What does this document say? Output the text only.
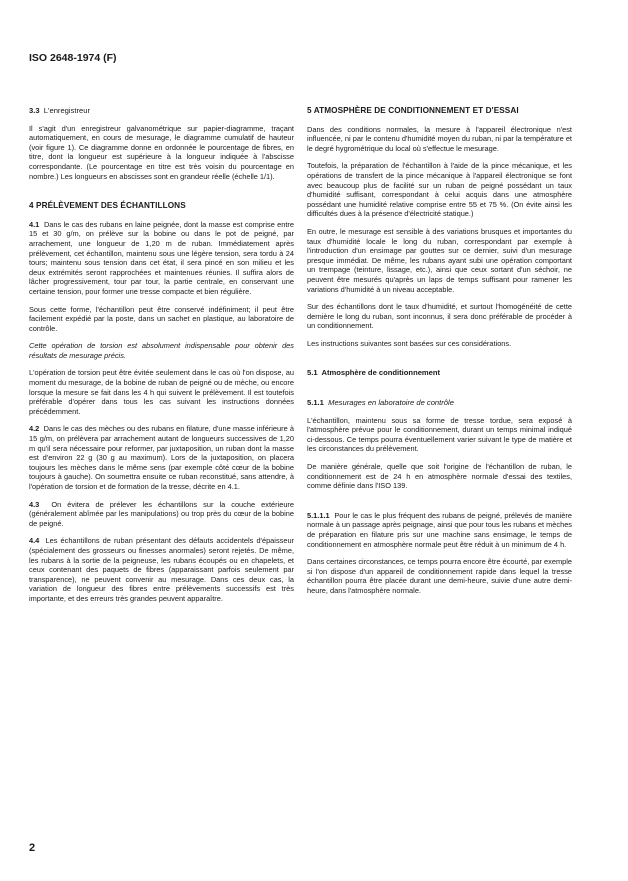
ISO 2648-1974 (F)
3.3 L'enregistreur

Il s'agit d'un enregistreur galvanométrique sur papier-diagramme, traçant automatiquement, en cours de mesurage, le diagramme cumulatif de hauteur (voir figure 1). Ce diagramme donne en ordonnée le pourcentage de fibres, en titre, dont la longueur est supérieure à la longueur indiquée à l'abscisse correspondante. (Le pourcentage en titre est très voisin du pourcentage en nombre.) Les longueurs en abscisses sont en grandeur réelle (échelle 1/1).

4 PRÉLÈVEMENT DES ÉCHANTILLONS

4.1 Dans le cas des rubans en laine peignée, dont la masse est comprise entre 15 et 30 g/m, on prélève sur la bobine ou dans le pot de peigné, par arrachement, une longueur de 1,20 m de ruban. Immédiatement après prélèvement, cet échantillon, maintenu sous une légère tension, sera tordu à 24 tours; maintenu sous tension dans cet état, il sera pincé en son milieu et les deux extrémités seront rapprochées et maintenues réunies. Il suffira alors de lâcher progressivement, tour par tour, la partie centrale, en conservant une certaine tension, pour former une tresse compacte et bien régulière.

Sous cette forme, l'échantillon peut être conservé indéfiniment; il peut être facilement expédié par la poste, dans un sachet en plastique, au laboratoire de contrôle.

Cette opération de torsion est absolument indispensable pour obtenir des résultats de mesurage précis.

L'opération de torsion peut être évitée seulement dans le cas où l'on dispose, au moment du mesurage, de la bobine de ruban de peigné ou de mèche, ou encore lorsque la mesure se fait dans les 4 h qui suivent le prélèvement. Il est toutefois préférable d'opérer dans tous les cas suivant les instructions données précédemment.

4.2 Dans le cas des mèches ou des rubans en filature, d'une masse inférieure à 15 g/m, on prélèvera par arrachement autant de longueurs successives de 1,20 m qu'il sera nécessaire pour reformer, par juxtaposition, un ruban dont la masse est d'environ 22 g (30 g au maximum). Lors de la juxtaposition, on placera toujours les mèches dans le même sens (par exemple côté cœur de la bobine toujours à gauche). On soumettra ensuite ce ruban reconstitué, sans attendre, à l'opération de torsion et de formation de la tresse, décrite en 4.1.

4.3 On évitera de prélever les échantillons sur la couche extérieure (généralement abîmée par les manipulations) ou trop près du cœur de la bobine de peigné.

4.4 Les échantillons de ruban présentant des défauts accidentels d'épaisseur (spécialement des grosseurs ou finesses anormales) seront rejetés. De même, les rubans à la sortie de la peigneuse, les rubans écoupés ou en chapelets, et ceux contenant des paquets de fibres (apparaissant parfois seulement par transparence), ne peuvent convenir au mesurage. Dans ces deux cas, la variation de longueur des fibres entre prélèvements successifs est très importante, et des erreurs très grandes peuvent apparaître.

5 ATMOSPHÈRE DE CONDITIONNEMENT ET D'ESSAI

Dans des conditions normales, la mesure à l'appareil électronique n'est influencée, ni par le contenu d'humidité moyen du ruban, ni par la température et le degré hygrométrique du local où s'effectue le mesurage.

Toutefois, la préparation de l'échantillon à l'aide de la pince mécanique, et les opérations de transfert de la pince mécanique à l'appareil électronique se font avec beaucoup plus de facilité sur un ruban de peigné possédant un taux d'humidité suffisant, correspondant à celui acquis dans une atmosphère possédant une humidité relative comprise entre 55 et 75 %. (On évite ainsi les difficultés dues à la présence d'électricité statique.)

En outre, le mesurage est sensible à des variations brusques et importantes du taux d'humidité locale le long du ruban, correspondant par exemple à l'introduction d'un ensimage par gouttes sur ce dernier, suivi d'un mesurage presque immédiat. De même, les rubans ayant subi une opération comportant un trempage (teinture, lissage, etc.), ainsi que ceux sortant d'un séchoir, ne peuvent être mesurés qu'après un laps de temps suffisant pour ramener les variations d'humidité à un niveau acceptable.

Sur des échantillons dont le taux d'humidité, et surtout l'homogénéité de cette dernière le long du ruban, sont inconnus, il sera donc préférable de procéder à un conditionnement.

Les instructions suivantes sont basées sur ces considérations.

5.1 Atmosphère de conditionnement
5.1.1 Mesurages en laboratoire de contrôle

L'échantillon, maintenu sous sa forme de tresse tordue, sera exposé à l'atmosphère prévue pour le conditionnement, durant un temps minimal indiqué ci-dessous. Ce temps pourra éventuellement varier suivant le type de matière et les circonstances du prélèvement.

De manière générale, quelle que soit l'origine de l'échantillon de ruban, le conditionnement est de 24 h en atmosphère normale d'essai des textiles, comme définie dans l'ISO 139.

5.1.1.1 Pour le cas le plus fréquent des rubans de peigné, prélevés de manière normale à un passage après peignage, ainsi que pour tous les rubans et mèches de préparation en filature pris sur une machine sans ensimage, le temps de conditionnement en atmosphère normale peut être réduit à un minimum de 4 h.

Dans certaines circonstances, ce temps pourra encore être écourté, par exemple si l'on dispose d'un appareil de conditionnement rapide dans lequel la tresse échantillon pourra être placée durant une demi-heure, suivie d'une autre demi-heure, dans l'atmosphère normale.

2
